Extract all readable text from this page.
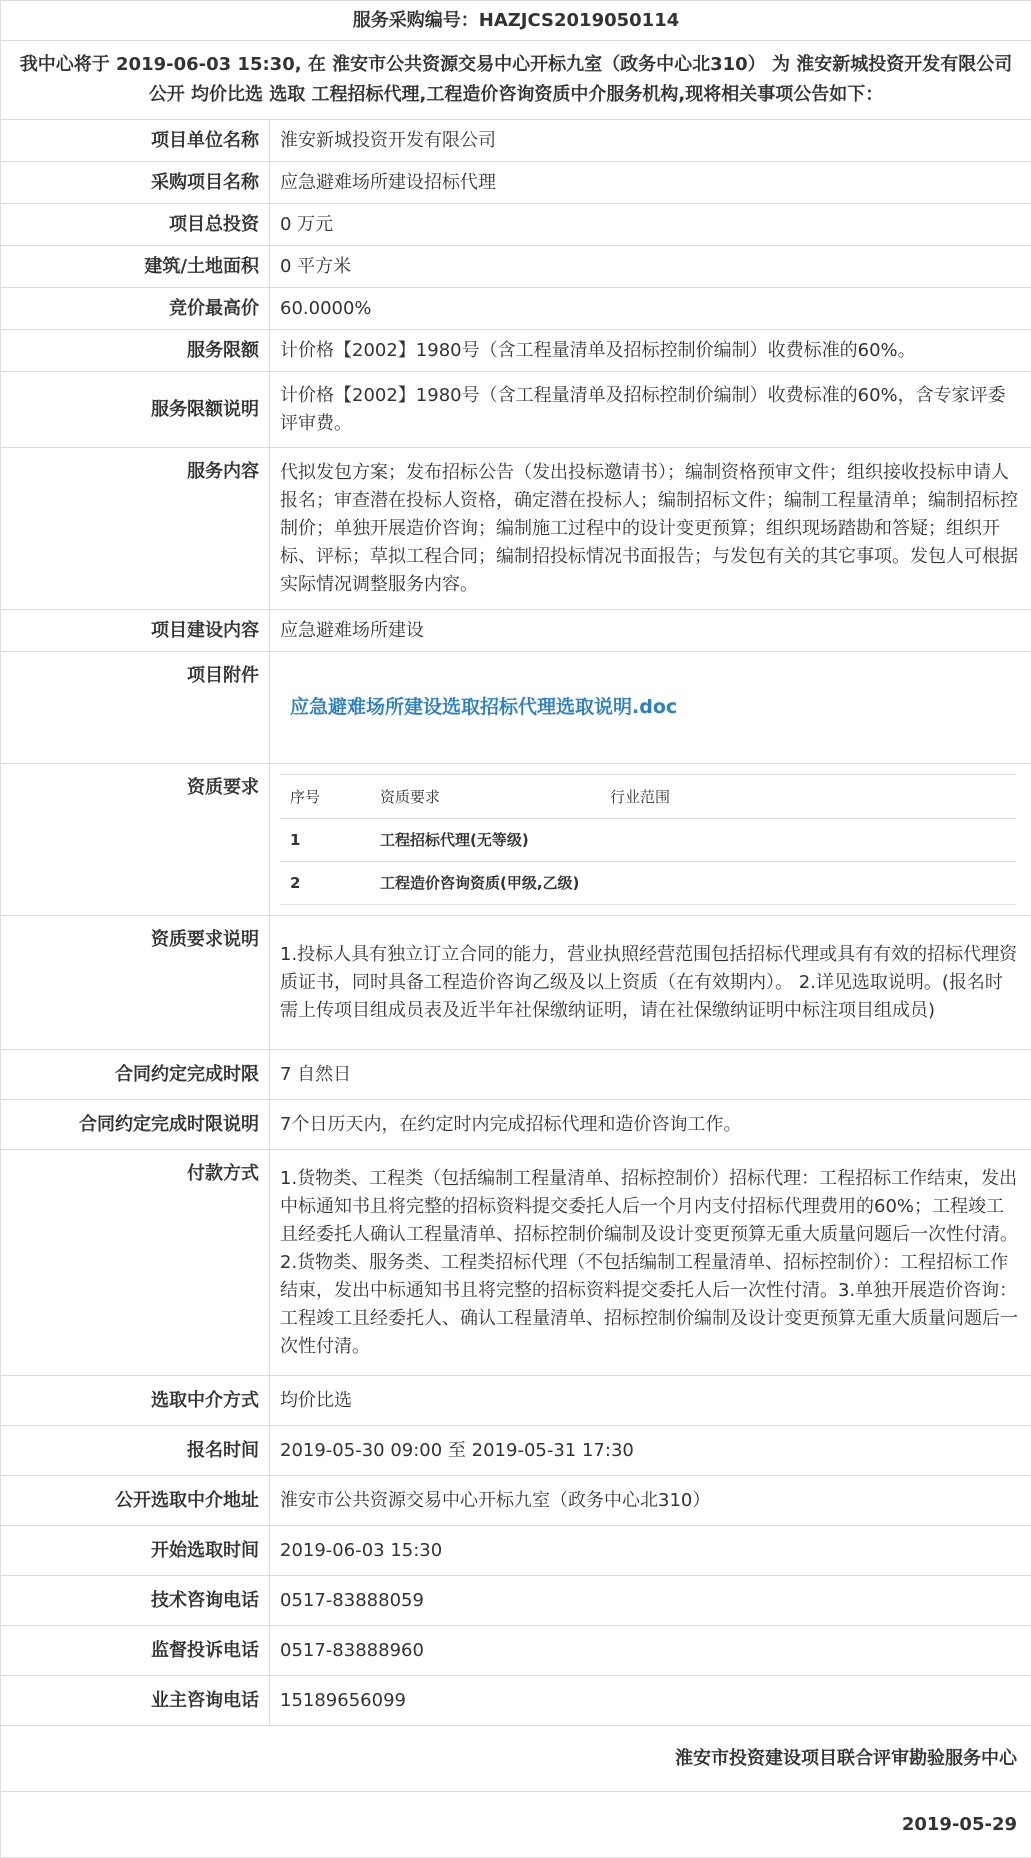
服务采购编号：HAZJCS2019050114
我中心将于 2019-06-03 15:30, 在 淮安市公共资源交易中心开标九室（政务中心北310） 为 淮安新城投资开发有限公司 公开 均价比选 选取 工程招标代理,工程造价咨询资质中介服务机构,现将相关事项公告如下：
项目单位名称	淮安新城投资开发有限公司
采购项目名称	应急避难场所建设招标代理
项目总投资	0 万元
建筑/土地面积	0 平方米
竞价最高价	60.0000%
服务限额	计价格【2002】1980号（含工程量清单及招标控制价编制）收费标准的60%。
服务限额说明	计价格【2002】1980号（含工程量清单及招标控制价编制）收费标准的60%，含专家评委评审费。
服务内容	代拟发包方案；发布招标公告（发出投标邀请书）；编制资格预审文件；组织接收投标申请人报名；审查潜在投标人资格，确定潜在投标人；编制招标文件；编制工程量清单；编制招标控制价；单独开展造价咨询；编制施工过程中的设计变更预算；组织现场踏勘和答疑；组织开标、评标；草拟工程合同；编制招投标情况书面报告；与发包有关的其它事项。发包人可根据实际情况调整服务内容。
项目建设内容	应急避难场所建设
项目附件	应急避难场所建设选取招标代理选取说明.doc
资质要求	序号	资质要求	行业范围
1	工程招标代理(无等级)	
2	工程造价咨询资质(甲级,乙级)	

资质要求说明	1.投标人具有独立订立合同的能力，营业执照经营范围包括招标代理或具有有效的招标代理资质证书，同时具备工程造价咨询乙级及以上资质（在有效期内）。 2.详见选取说明。(报名时需上传项目组成员表及近半年社保缴纳证明，请在社保缴纳证明中标注项目组成员)
合同约定完成时限	7 自然日
合同约定完成时限说明	7个日历天内，在约定时内完成招标代理和造价咨询工作。
付款方式	1.货物类、工程类（包括编制工程量清单、招标控制价）招标代理：工程招标工作结束，发出中标通知书且将完整的招标资料提交委托人后一个月内支付招标代理费用的60%；工程竣工且经委托人确认工程量清单、招标控制价编制及设计变更预算无重大质量问题后一次性付清。2.货物类、服务类、工程类招标代理（不包括编制工程量清单、招标控制价）：工程招标工作结束，发出中标通知书且将完整的招标资料提交委托人后一次性付清。3.单独开展造价咨询：工程竣工且经委托人、确认工程量清单、招标控制价编制及设计变更预算无重大质量问题后一次性付清。
选取中介方式	均价比选
报名时间	2019-05-30 09:00 至 2019-05-31 17:30
公开选取中介地址	淮安市公共资源交易中心开标九室（政务中心北310）
开始选取时间	2019-06-03 15:30
技术咨询电话	0517-83888059
监督投诉电话	0517-83888960
业主咨询电话	15189656099
淮安市投资建设项目联合评审勘验服务中心
2019-05-29
